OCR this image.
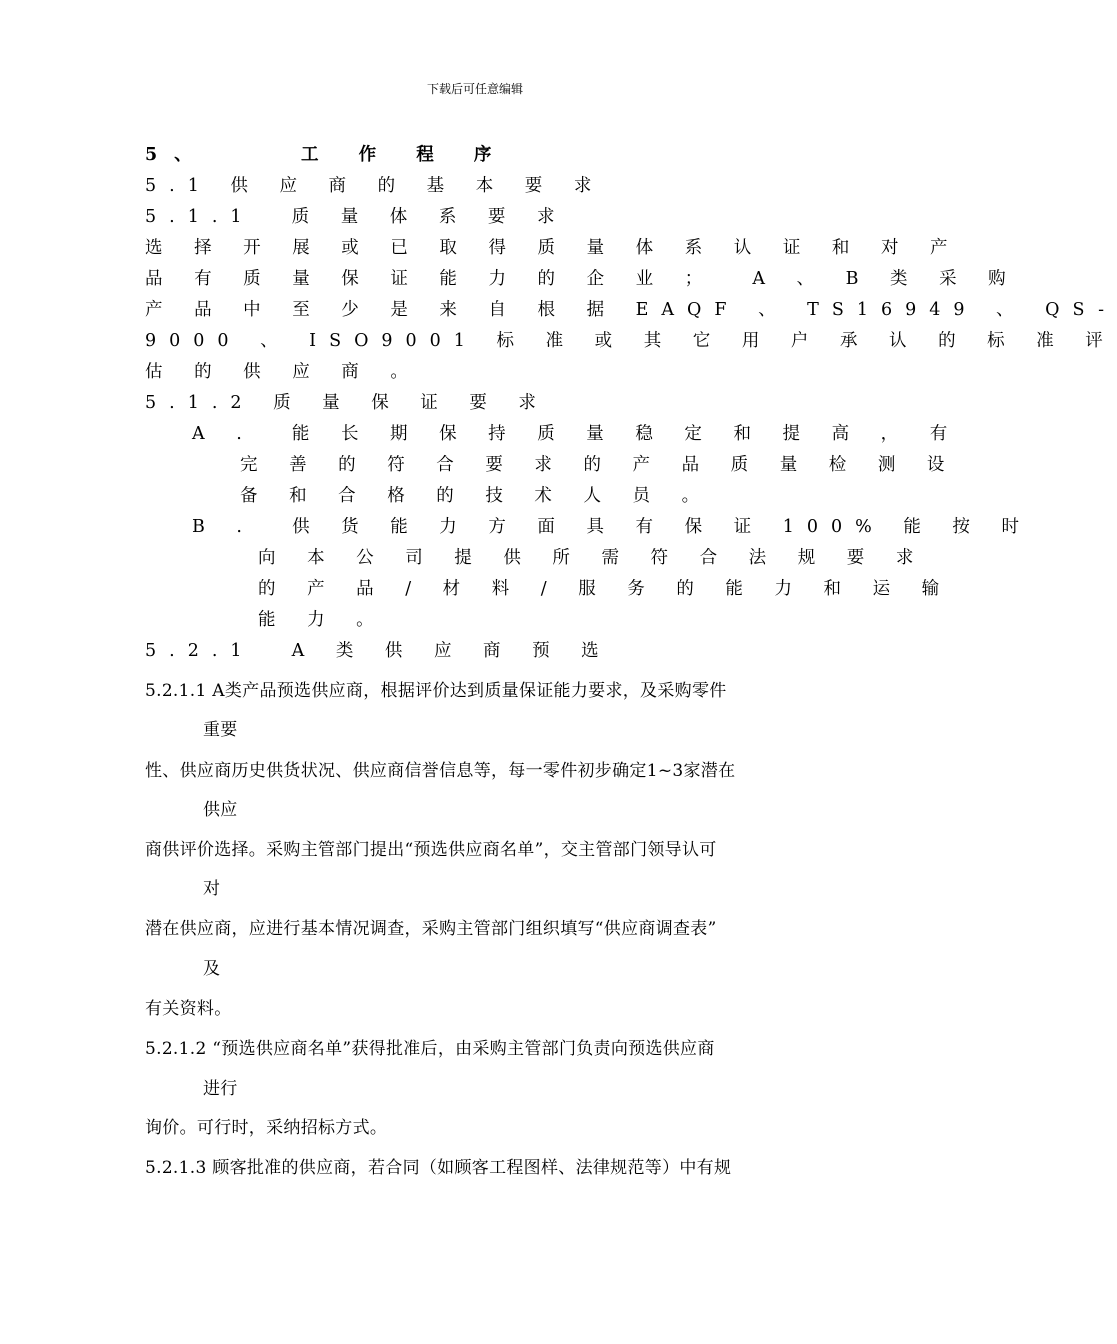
下载后可任意编辑
5、    工 作 程 序
5.1 供 应 商 的 基 本 要 求
5.1.1  质 量 体 系 要 求
选 择 开 展 或 已 取 得 质 量 体 系 认 证 和 对 产
品 有 质 量 保 证 能 力 的 企 业 ；  A 、 B 类 采 购
产 品 中 至 少 是 来 自 根 据 EAQF 、 TS16949 、 QS-
9000 、 ISO9001 标 准 或 其 它 用 户 承 认 的 标 准 评
估 的 供 应 商 。
5.1.2 质 量 保 证 要 求
A .  能 长 期 保 持 质 量 稳 定 和 提 高 ， 有
完 善 的 符 合 要 求 的 产 品 质 量 检 测 设
备 和 合 格 的 技 术 人 员 。
B .  供 货 能 力 方 面 具 有 保 证 100% 能 按 时
向 本 公 司 提 供 所 需 符 合 法 规 要 求
的 产 品 / 材 料 / 服 务 的 能 力 和 运 输
能 力 。
5.2.1  A 类 供 应 商 预 选
5.2.1.1 A类产品预选供应商，根据评价达到质量保证能力要求，及采购零件
重要
性、供应商历史供货状况、供应商信誉信息等，每一零件初步确定1~3家潜在
供应
商供评价选择。采购主管部门提出“预选供应商名单”，交主管部门领导认可
对
潜在供应商，应进行基本情况调查，采购主管部门组织填写“供应商调查表”
及
有关资料。
5.2.1.2 “预选供应商名单”获得批准后，由采购主管部门负责向预选供应商
进行
询价。可行时，采纳招标方式。
5.2.1.3 顾客批准的供应商，若合同（如顾客工程图样、法律规范等）中有规
